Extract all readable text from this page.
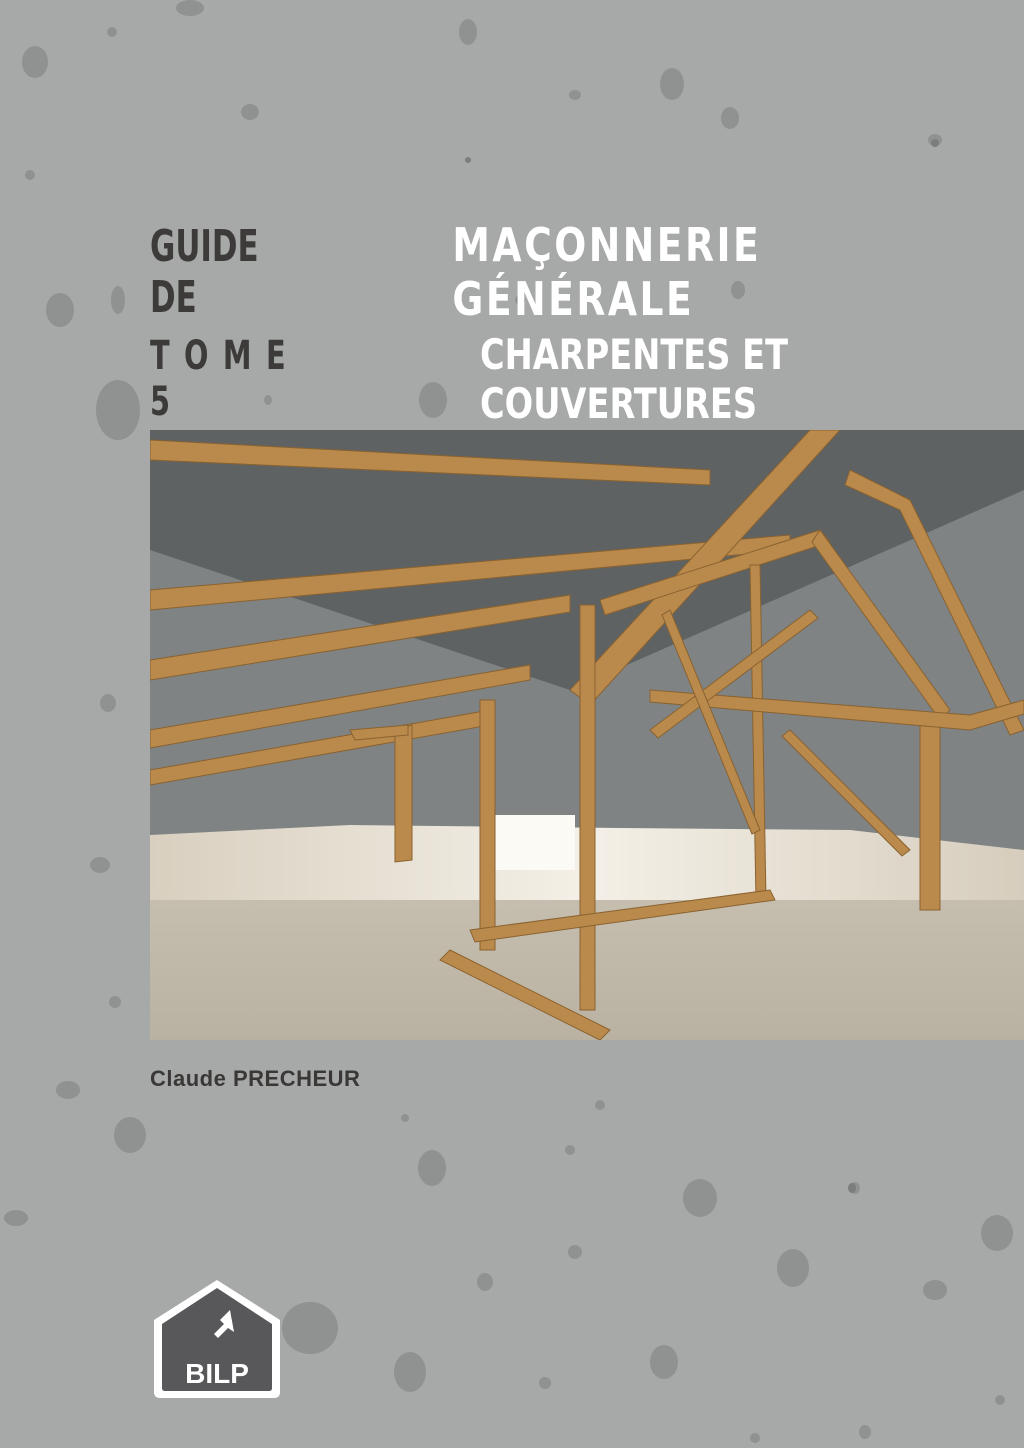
GUIDE DE
MAÇONNERIE GÉNÉRALE
TOME 5
CHARPENTES ET COUVERTURES
Claude PRECHEUR
BILP
